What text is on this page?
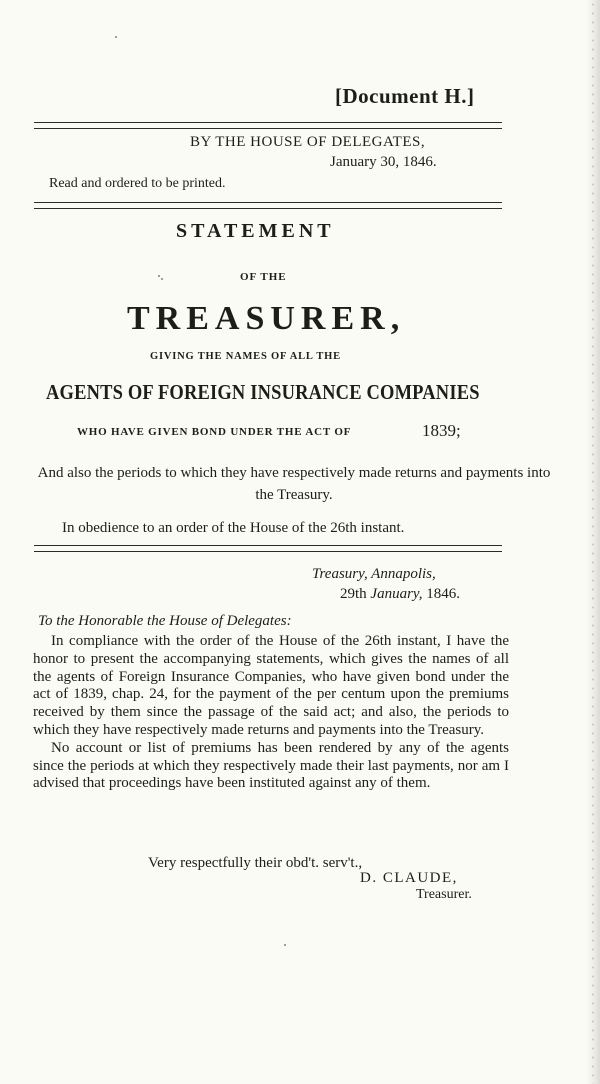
[Document H.]
BY THE HOUSE OF DELEGATES,
January 30, 1846.
Read and ordered to be printed.
STATEMENT
OF THE
TREASURER,
GIVING THE NAMES OF ALL THE
AGENTS OF FOREIGN INSURANCE COMPANIES
WHO HAVE GIVEN BOND UNDER THE ACT OF	1839;
And also the periods to which they have respectively made returns and payments into the Treasury.
In obedience to an order of the House of the 26th instant.
Treasury, Annapolis,
29th January, 1846.
To the Honorable the House of Delegates:

In compliance with the order of the House of the 26th instant, I have the honor to present the accompanying statements, which gives the names of all the agents of Foreign Insurance Companies, who have given bond under the act of 1839, chap. 24, for the payment of the per centum upon the premiums received by them since the passage of the said act; and also, the periods to which they have respectively made returns and payments into the Treasury.

No account or list of premiums has been rendered by any of the agents since the periods at which they respectively made their last payments, nor am I advised that proceedings have been instituted against any of them.

Very respectfully their obd't. serv't.,
D. CLAUDE,
Treasurer.
